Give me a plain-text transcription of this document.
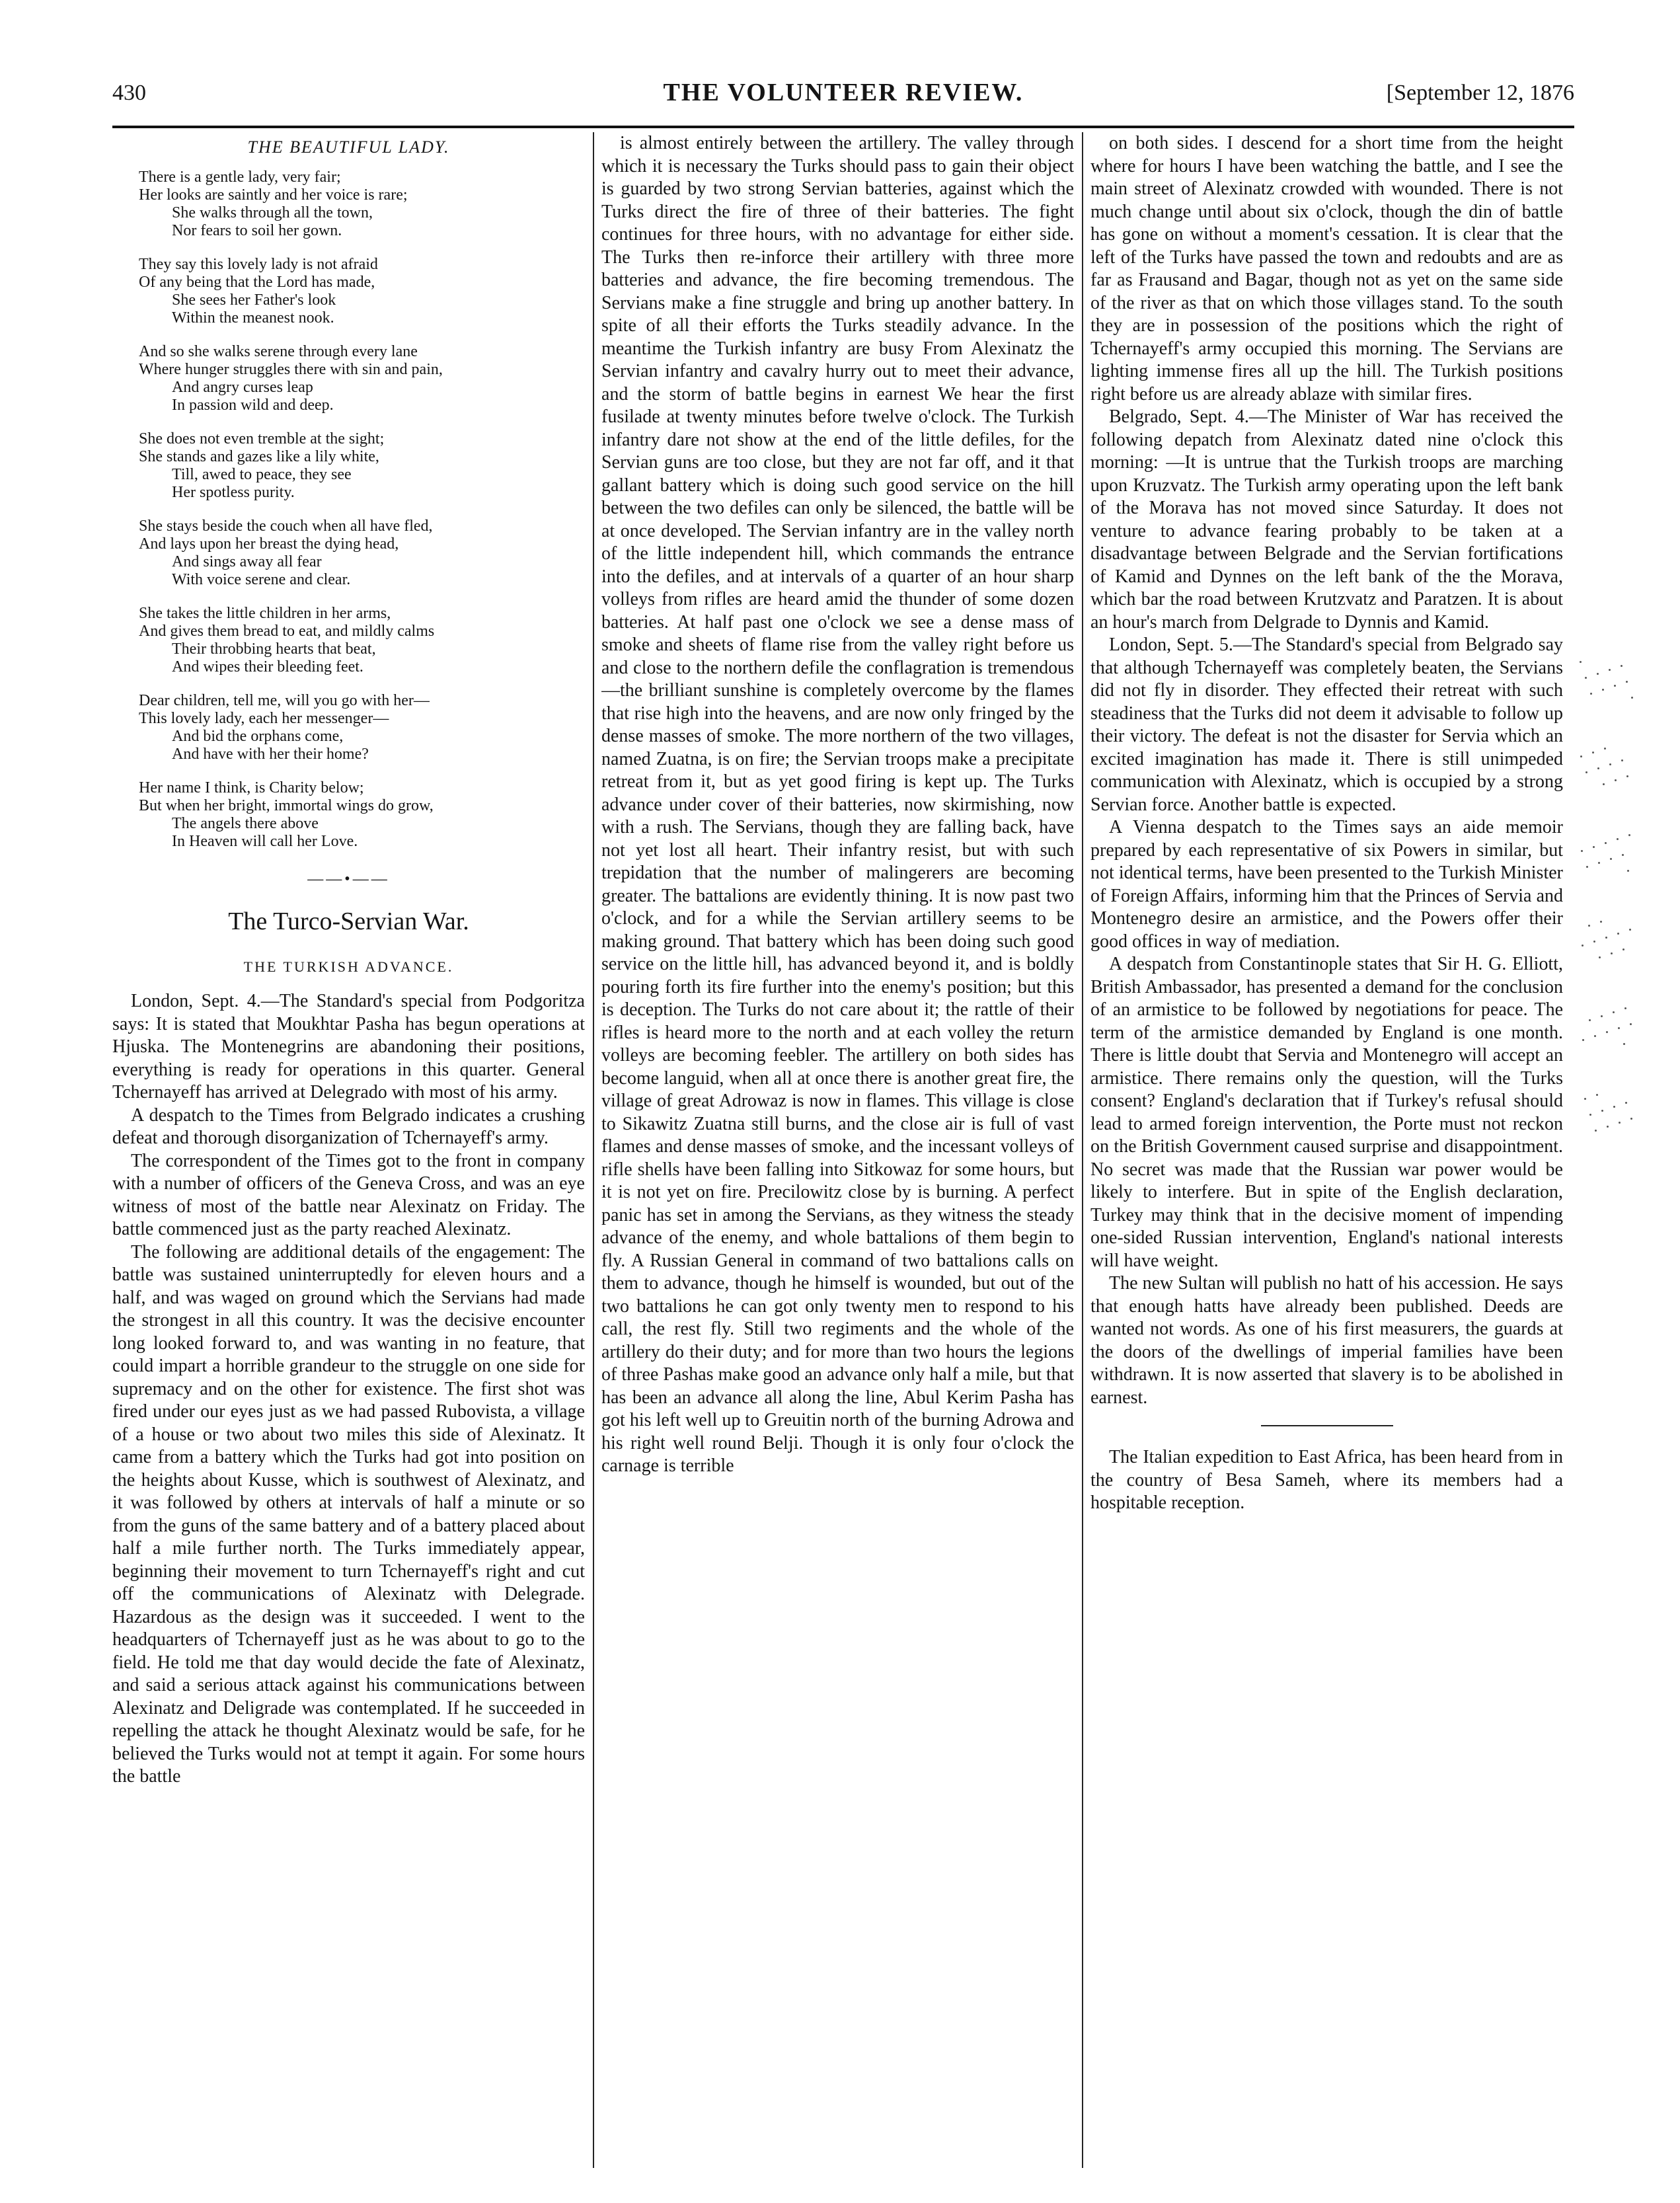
430	THE VOLUNTEER REVIEW.	[September 12, 1876
THE BEAUTIFUL LADY.
There is a gentle lady, very fair;
Her looks are saintly and her voice is rare;
She walks through all the town,
Nor fears to soil her gown.
They say this lovely lady is not afraid
Of any being that the Lord has made,
She sees her Father's look
Within the meanest nook.
And so she walks serene through every lane
Where hunger struggles there with sin and pain,
And angry curses leap
In passion wild and deep.
She does not even tremble at the sight;
She stands and gazes like a lily white,
Till, awed to peace, they see
Her spotless purity.
She stays beside the couch when all have fled,
And lays upon her breast the dying head,
And sings away all fear
With voice serene and clear.
She takes the little children in her arms,
And gives them bread to eat, and mildly calms
Their throbbing hearts that beat,
And wipes their bleeding feet.
Dear children, tell me, will you go with her—
This lovely lady, each her messenger—
And bid the orphans come,
And have with her their home?
Her name I think, is Charity below;
But when her bright, immortal wings do grow,
The angels there above
In Heaven will call her Love.
——•——
The Turco-Servian War.
THE TURKISH ADVANCE.

London, Sept. 4.—The Standard's special from Podgoritza says: It is stated that Moukhtar Pasha has begun operations at Hjuska. The Montenegrins are abandoning their positions, everything is ready for operations in this quarter. General Tchernayeff has arrived at Delegrado with most of his army.

A despatch to the Times from Belgrado indicates a crushing defeat and thorough disorganization of Tchernayeff's army.

The correspondent of the Times got to the front in company with a number of officers of the Geneva Cross, and was an eye witness of most of the battle near Alexinatz on Friday. The battle commenced just as the party reached Alexinatz.

The following are additional details of the engagement: The battle was sustained uninterruptedly for eleven hours and a half, and was waged on ground which the Servians had made the strongest in all this country. It was the decisive encounter long looked forward to, and was wanting in no feature, that could impart a horrible grandeur to the struggle on one side for supremacy and on the other for existence. The first shot was fired under our eyes just as we had passed Rubovista, a village of a house or two about two miles this side of Alexinatz. It came from a battery which the Turks had got into position on the heights about Kusse, which is southwest of Alexinatz, and it was followed by others at intervals of half a minute or so from the guns of the same battery and of a battery placed about half a mile further north. The Turks immediately appear, beginning their movement to turn Tchernayeff's right and cut off the communications of Alexinatz with Delegrade. Hazardous as the design was it succeeded. I went to the headquarters of Tchernayeff just as he was about to go to the field. He told me that day would decide the fate of Alexinatz, and said a serious attack against his communications between Alexinatz and Deligrade was contemplated. If he succeeded in repelling the attack he thought Alexinatz would be safe, for he believed the Turks would not at tempt it again. For some hours the battle

is almost entirely between the artillery. The valley through which it is necessary the Turks should pass to gain their object is guarded by two strong Servian batteries, against which the Turks direct the fire of three of their batteries. The fight continues for three hours, with no advantage for either side. The Turks then re-inforce their artillery with three more batteries and advance, the fire becoming tremendous. The Servians make a fine struggle and bring up another battery. In spite of all their efforts the Turks steadily advance. In the meantime the Turkish infantry are busy From Alexinatz the Servian infantry and cavalry hurry out to meet their advance, and the storm of battle begins in earnest We hear the first fusilade at twenty minutes before twelve o'clock. The Turkish infantry dare not show at the end of the little defiles, for the Servian guns are too close, but they are not far off, and it that gallant battery which is doing such good service on the hill between the two defiles can only be silenced, the battle will be at once developed. The Servian infantry are in the valley north of the little independent hill, which commands the entrance into the defiles, and at intervals of a quarter of an hour sharp volleys from rifles are heard amid the thunder of some dozen batteries. At half past one o'clock we see a dense mass of smoke and sheets of flame rise from the valley right before us and close to the northern defile the conflagration is tremendous—the brilliant sunshine is completely overcome by the flames that rise high into the heavens, and are now only fringed by the dense masses of smoke. The more northern of the two villages, named Zuatna, is on fire; the Servian troops make a precipitate retreat from it, but as yet good firing is kept up. The Turks advance under cover of their batteries, now skirmishing, now with a rush. The Servians, though they are falling back, have not yet lost all heart. Their infantry resist, but with such trepidation that the number of malingerers are becoming greater. The battalions are evidently thining. It is now past two o'clock, and for a while the Servian artillery seems to be making ground. That battery which has been doing such good service on the little hill, has advanced beyond it, and is boldly pouring forth its fire further into the enemy's position; but this is deception. The Turks do not care about it; the rattle of their rifles is heard more to the north and at each volley the return volleys are becoming feebler. The artillery on both sides has become languid, when all at once there is another great fire, the village of great Adrowaz is now in flames. This village is close to Sikawitz Zuatna still burns, and the close air is full of vast flames and dense masses of smoke, and the incessant volleys of rifle shells have been falling into Sitkowaz for some hours, but it is not yet on fire. Precilowitz close by is burning. A perfect panic has set in among the Servians, as they witness the steady advance of the enemy, and whole battalions of them begin to fly. A Russian General in command of two battalions calls on them to advance, though he himself is wounded, but out of the two battalions he can got only twenty men to respond to his call, the rest fly. Still two regiments and the whole of the artillery do their duty; and for more than two hours the legions of three Pashas make good an advance only half a mile, but that has been an advance all along the line, Abul Kerim Pasha has got his left well up to Greuitin north of the burning Adrowa and his right well round Belji. Though it is only four o'clock the carnage is terrible

on both sides. I descend for a short time from the height where for hours I have been watching the battle, and I see the main street of Alexinatz crowded with wounded. There is not much change until about six o'clock, though the din of battle has gone on without a moment's cessation. It is clear that the left of the Turks have passed the town and redoubts and are as far as Frausand and Bagar, though not as yet on the same side of the river as that on which those villages stand. To the south they are in possession of the positions which the right of Tchernayeff's army occupied this morning. The Servians are lighting immense fires all up the hill. The Turkish positions right before us are already ablaze with similar fires.

Belgrado, Sept. 4.—The Minister of War has received the following depatch from Alexinatz dated nine o'clock this morning: —It is untrue that the Turkish troops are marching upon Kruzvatz. The Turkish army operating upon the left bank of the Morava has not moved since Saturday. It does not venture to advance fearing probably to be taken at a disadvantage between Belgrade and the Servian fortifications of Kamid and Dynnes on the left bank of the the Morava, which bar the road between Krutzvatz and Paratzen. It is about an hour's march from Delgrade to Dynnis and Kamid.

London, Sept. 5.—The Standard's special from Belgrado say that although Tchernayeff was completely beaten, the Servians did not fly in disorder. They effected their retreat with such steadiness that the Turks did not deem it advisable to follow up their victory. The defeat is not the disaster for Servia which an excited imagination has made it. There is still unimpeded communication with Alexinatz, which is occupied by a strong Servian force. Another battle is expected.

A Vienna despatch to the Times says an aide memoir prepared by each representative of six Powers in similar, but not identical terms, have been presented to the Turkish Minister of Foreign Affairs, informing him that the Princes of Servia and Montenegro desire an armistice, and the Powers offer their good offices in way of mediation.

A despatch from Constantinople states that Sir H. G. Elliott, British Ambassador, has presented a demand for the conclusion of an armistice to be followed by negotiations for peace. The term of the armistice demanded by England is one month. There is little doubt that Servia and Montenegro will accept an armistice. There remains only the question, will the Turks consent? England's declaration that if Turkey's refusal should lead to armed foreign intervention, the Porte must not reckon on the British Government caused surprise and disappointment. No secret was made that the Russian war power would be likely to interfere. But in spite of the English declaration, Turkey may think that in the decisive moment of impending one-sided Russian intervention, England's national interests will have weight.

The new Sultan will publish no hatt of his accession. He says that enough hatts have already been published. Deeds are wanted not words. As one of his first measurers, the guards at the doors of the dwellings of imperial families have been withdrawn. It is now asserted that slavery is to be abolished in earnest.

The Italian expedition to East Africa, has been heard from in the country of Besa Sameh, where its members had a hospitable reception.
